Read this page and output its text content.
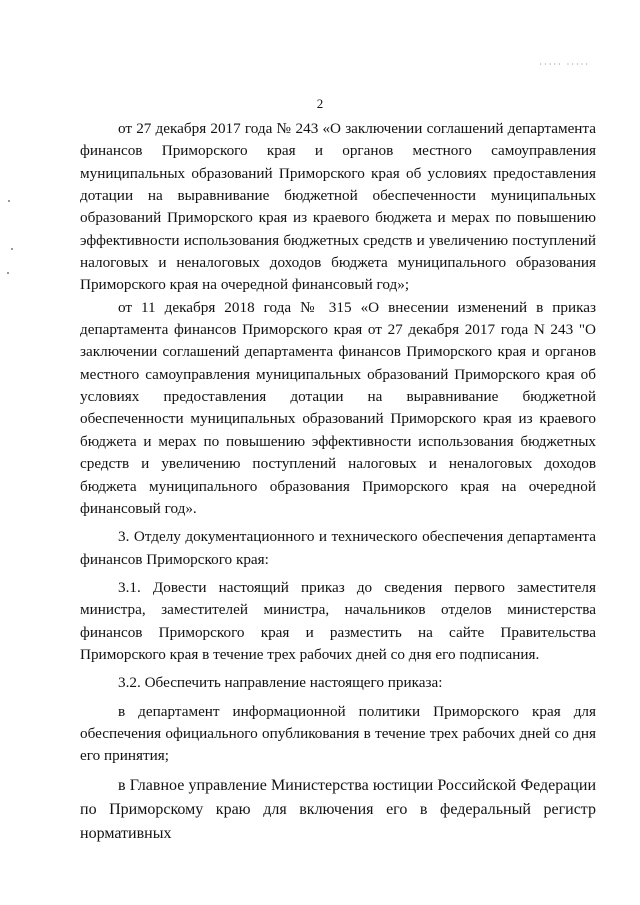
····· ·····
2

от 27 декабря 2017 года № 243 «О заключении соглашений департамента финансов Приморского края и органов местного самоуправления муниципальных образований Приморского края об условиях предоставления дотации на выравнивание бюджетной обеспеченности муниципальных образований Приморского края из краевого бюджета и мерах по повышению эффективности использования бюджетных средств и увеличению поступлений налоговых и неналоговых доходов бюджета муниципального образования Приморского края на очередной финансовый год»;

от 11 декабря 2018 года № 315 «О внесении изменений в приказ департамента финансов Приморского края от 27 декабря 2017 года N 243 "О заключении соглашений департамента финансов Приморского края и органов местного самоуправления муниципальных образований Приморского края об условиях предоставления дотации на выравнивание бюджетной обеспеченности муниципальных образований Приморского края из краевого бюджета и мерах по повышению эффективности использования бюджетных средств и увеличению поступлений налоговых и неналоговых доходов бюджета муниципального образования Приморского края на очередной финансовый год».

3. Отделу документационного и технического обеспечения департамента финансов Приморского края:

3.1. Довести настоящий приказ до сведения первого заместителя министра, заместителей министра, начальников отделов министерства финансов Приморского края и разместить на сайте Правительства Приморского края в течение трех рабочих дней со дня его подписания.

3.2. Обеспечить направление настоящего приказа:

в департамент информационной политики Приморского края для обеспечения официального опубликования в течение трех рабочих дней со дня его принятия;

в Главное управление Министерства юстиции Российской Федерации по Приморскому краю для включения его в федеральный регистр нормативных
